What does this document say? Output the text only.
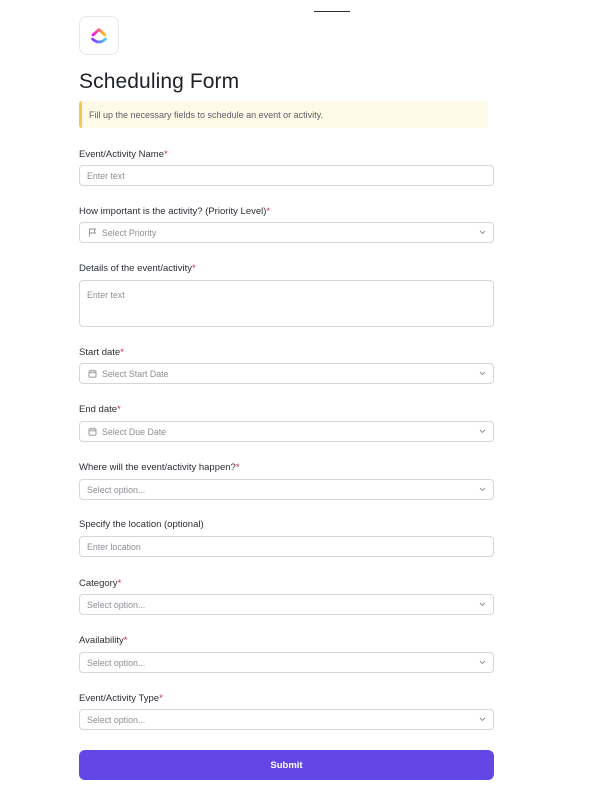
Scheduling Form
Fill up the necessary fields to schedule an event or activity.
Event/Activity Name*
Enter text
How important is the activity? (Priority Level)*
Select Priority
Details of the event/activity*
Enter text
Start date*
Select Start Date
End date*
Select Due Date
Where will the event/activity happen?*
Select option...
Specify the location (optional)
Enter location
Category*
Select option...
Availability*
Select option...
Event/Activity Type*
Select option...
Submit
